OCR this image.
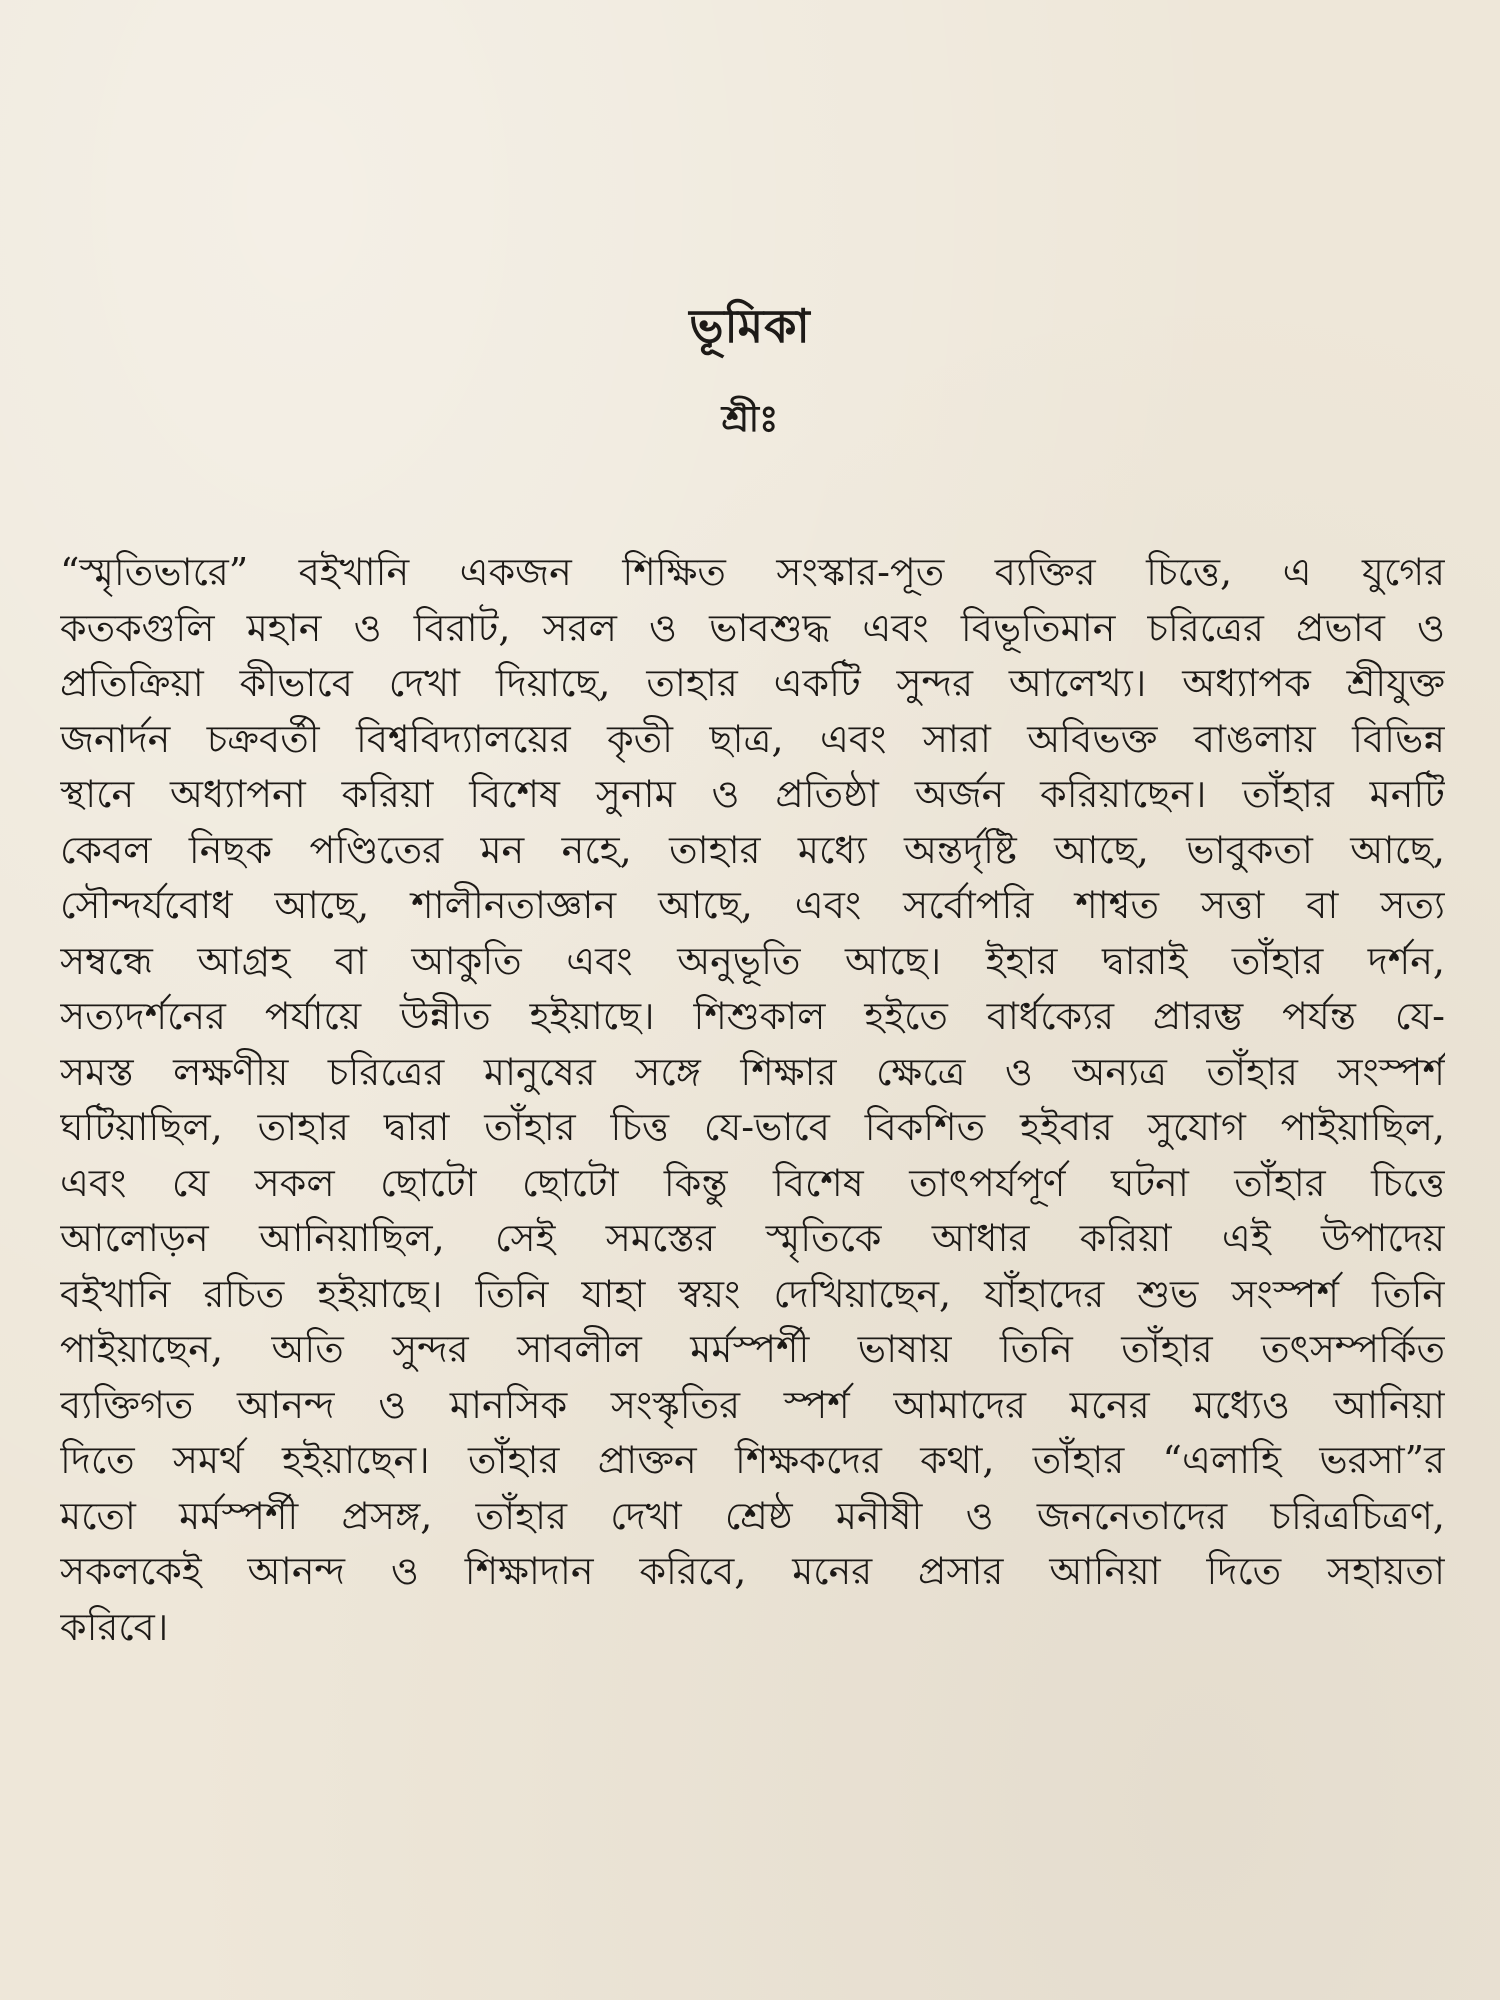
ভূমিকা
শ্রীঃ
“স্মৃতিভারে” বইখানি একজন শিক্ষিত সংস্কার-পূত ব্যক্তির চিত্তে, এ যুগের
কতকগুলি মহান ও বিরাট, সরল ও ভাবশুদ্ধ এবং বিভূতিমান চরিত্রের প্রভাব ও
প্রতিক্রিয়া কীভাবে দেখা দিয়াছে, তাহার একটি সুন্দর আলেখ্য। অধ্যাপক শ্রীযুক্ত
জনার্দন চক্রবর্তী বিশ্ববিদ্যালয়ের কৃতী ছাত্র, এবং সারা অবিভক্ত বাঙলায় বিভিন্ন
স্থানে অধ্যাপনা করিয়া বিশেষ সুনাম ও প্রতিষ্ঠা অর্জন করিয়াছেন। তাঁহার মনটি
কেবল নিছক পণ্ডিতের মন নহে, তাহার মধ্যে অন্তর্দৃষ্টি আছে, ভাবুকতা আছে,
সৌন্দর্যবোধ আছে, শালীনতাজ্ঞান আছে, এবং সর্বোপরি শাশ্বত সত্তা বা সত্য
সম্বন্ধে আগ্রহ বা আকুতি এবং অনুভূতি আছে। ইহার দ্বারাই তাঁহার দর্শন,
সত্যদর্শনের পর্যায়ে উন্নীত হইয়াছে। শিশুকাল হইতে বার্ধক্যের প্রারম্ভ পর্যন্ত যে-
সমস্ত লক্ষণীয় চরিত্রের মানুষের সঙ্গে শিক্ষার ক্ষেত্রে ও অন্যত্র তাঁহার সংস্পর্শ
ঘটিয়াছিল, তাহার দ্বারা তাঁহার চিত্ত যে-ভাবে বিকশিত হইবার সুযোগ পাইয়াছিল,
এবং যে সকল ছোটো ছোটো কিন্তু বিশেষ তাৎপর্যপূর্ণ ঘটনা তাঁহার চিত্তে
আলোড়ন আনিয়াছিল, সেই সমস্তের স্মৃতিকে আধার করিয়া এই উপাদেয়
বইখানি রচিত হইয়াছে। তিনি যাহা স্বয়ং দেখিয়াছেন, যাঁহাদের শুভ সংস্পর্শ তিনি
পাইয়াছেন, অতি সুন্দর সাবলীল মর্মস্পর্শী ভাষায় তিনি তাঁহার তৎসম্পর্কিত
ব্যক্তিগত আনন্দ ও মানসিক সংস্কৃতির স্পর্শ আমাদের মনের মধ্যেও আনিয়া
দিতে সমর্থ হইয়াছেন। তাঁহার প্রাক্তন শিক্ষকদের কথা, তাঁহার “এলাহি ভরসা”র
মতো মর্মস্পর্শী প্রসঙ্গ, তাঁহার দেখা শ্রেষ্ঠ মনীষী ও জননেতাদের চরিত্রচিত্রণ,
সকলকেই আনন্দ ও শিক্ষাদান করিবে, মনের প্রসার আনিয়া দিতে সহায়তা
করিবে।
